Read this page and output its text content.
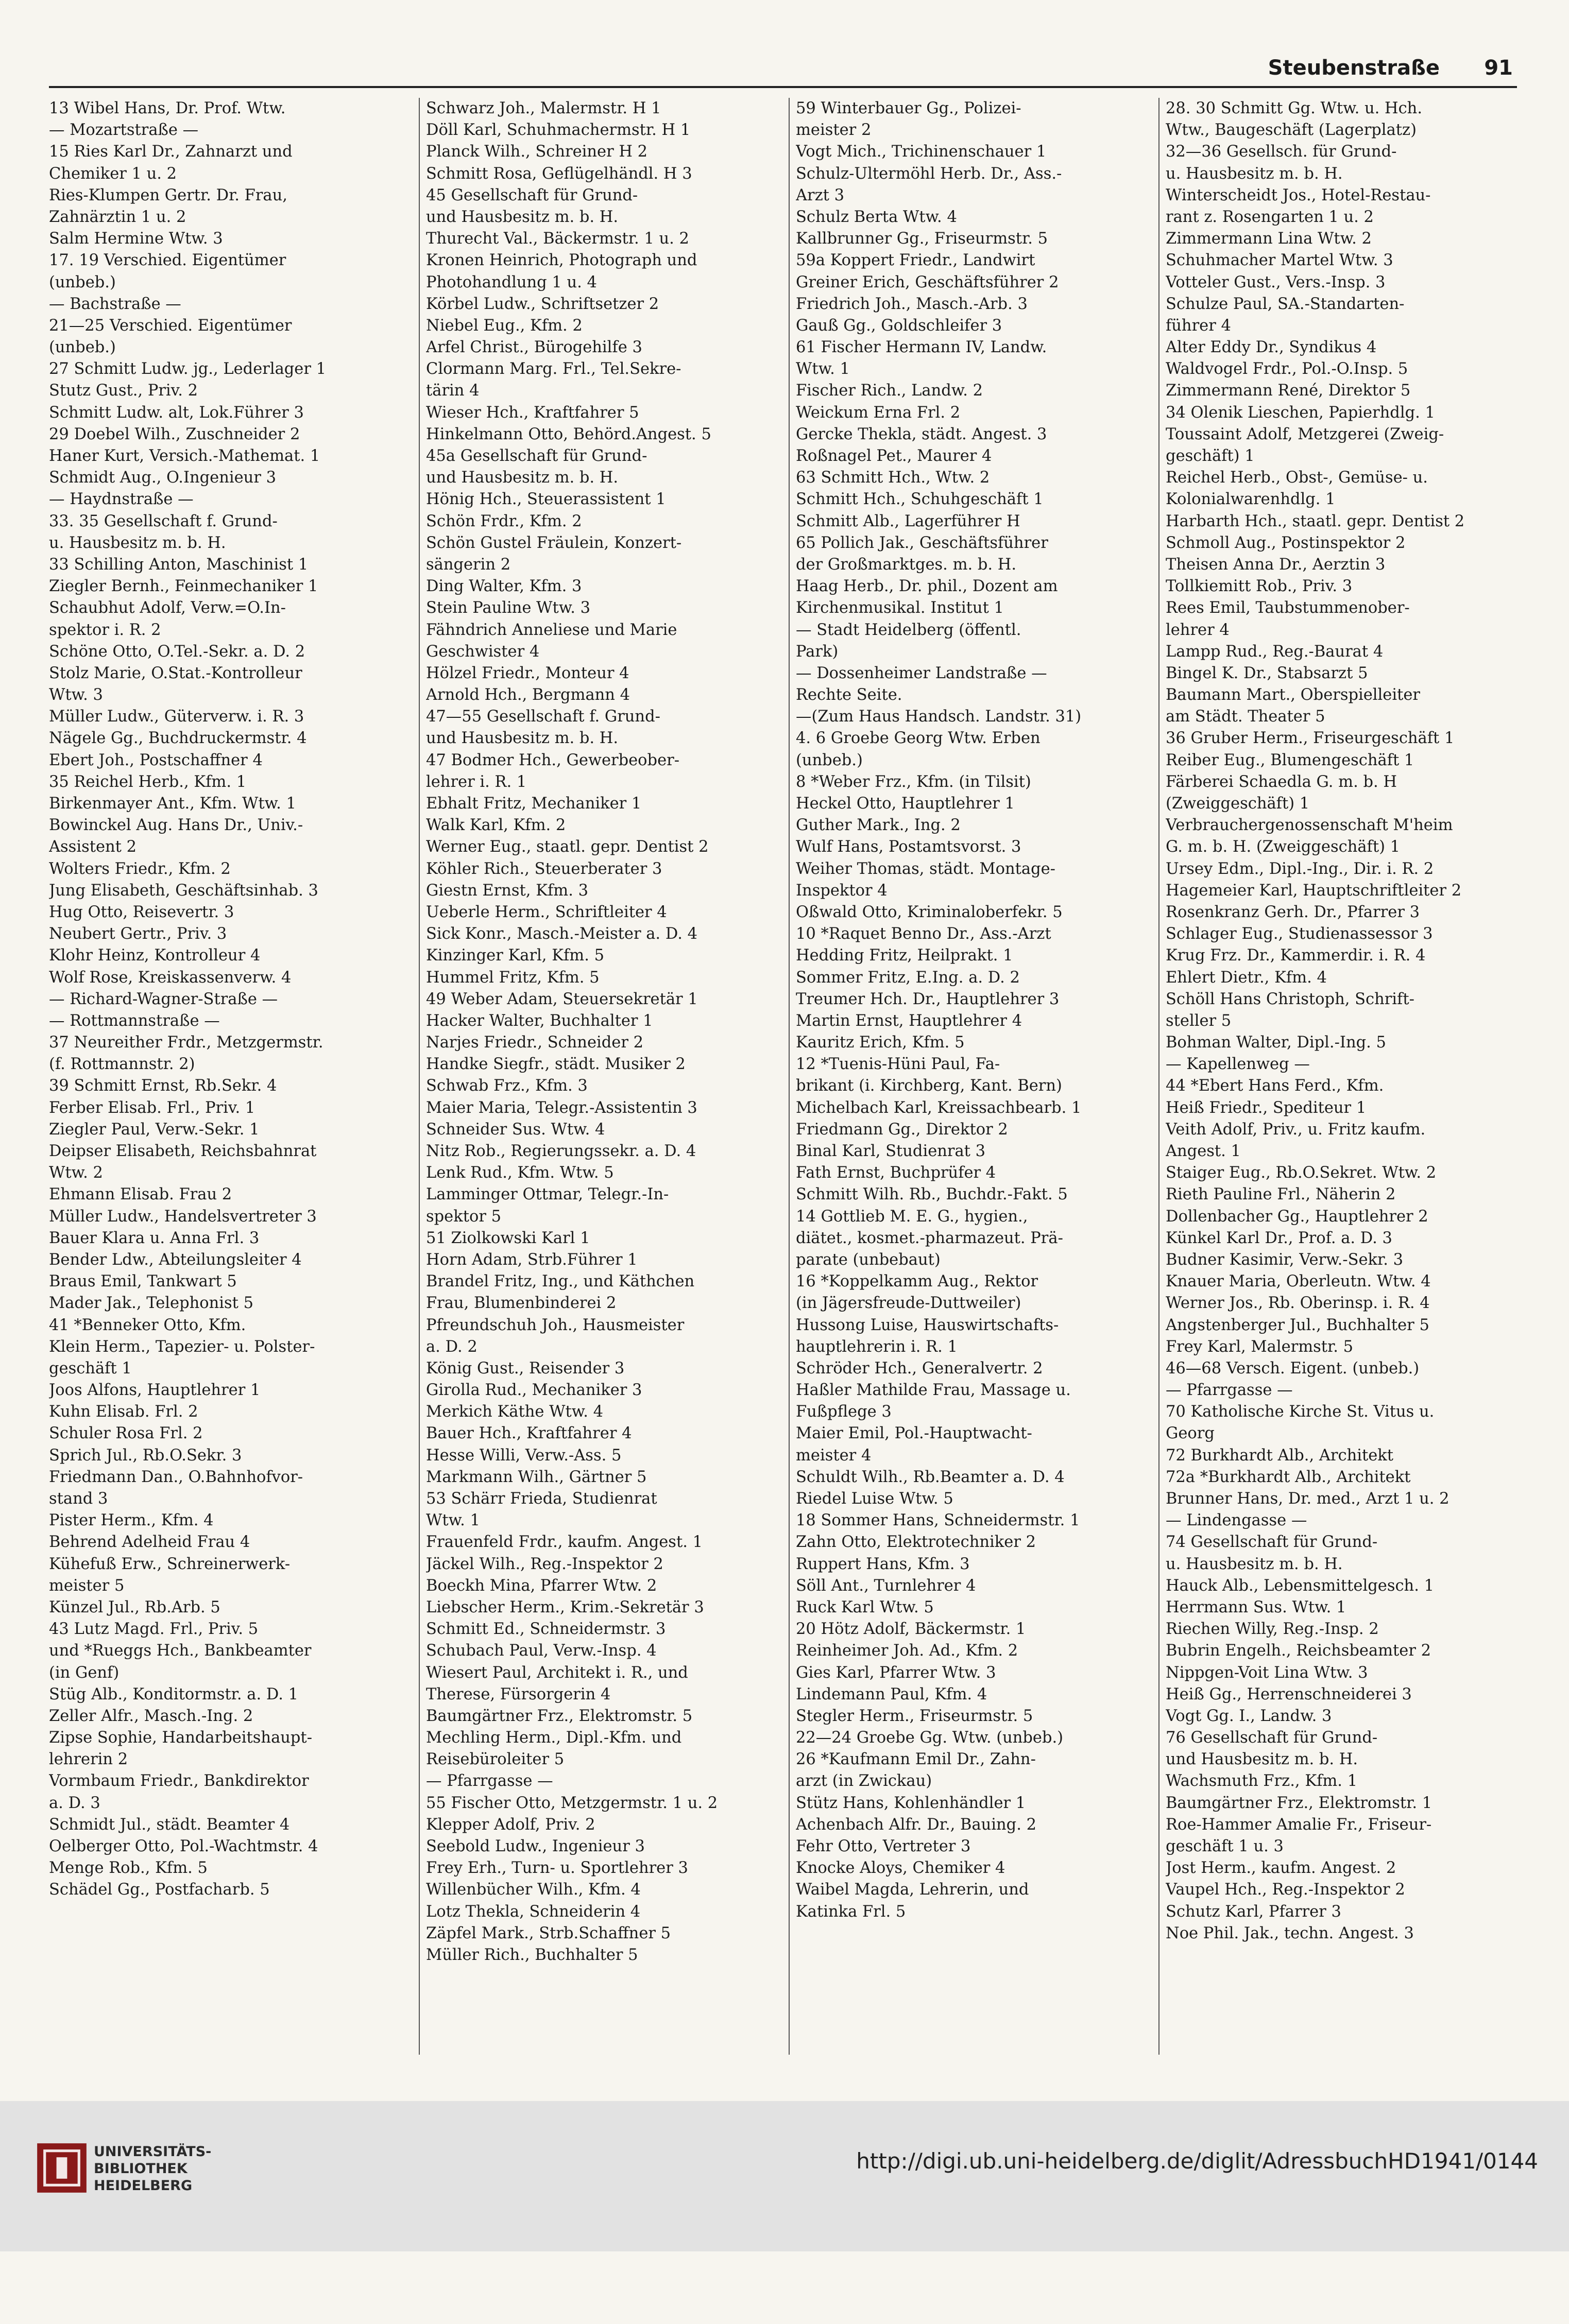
Steubenstraße 91
13 Wibel Hans, Dr. Prof. Wtw.
— Mozartstraße —
15 Ries Karl Dr., Zahnarzt und
Chemiker 1 u. 2
Ries-Klumpen Gertr. Dr. Frau,
Zahnärztin 1 u. 2
Salm Hermine Wtw. 3
17. 19 Verschied. Eigentümer
(unbeb.)
— Bachstraße —
21—25 Verschied. Eigentümer
(unbeb.)
27 Schmitt Ludw. jg., Lederlager 1
Stutz Gust., Priv. 2
Schmitt Ludw. alt, Lok.Führer 3
29 Doebel Wilh., Zuschneider 2
Haner Kurt, Versich.-Mathemat. 1
Schmidt Aug., O.Ingenieur 3
— Haydnstraße —
33. 35 Gesellschaft f. Grund-
u. Hausbesitz m. b. H.
33 Schilling Anton, Maschinist 1
Ziegler Bernh., Feinmechaniker 1
Schaubhut Adolf, Verw.=O.In-
spektor i. R. 2
Schöne Otto, O.Tel.-Sekr. a. D. 2
Stolz Marie, O.Stat.-Kontrolleur
Wtw. 3
Müller Ludw., Güterverw. i. R. 3
Nägele Gg., Buchdruckermstr. 4
Ebert Joh., Postschaffner 4
35 Reichel Herb., Kfm. 1
Birkenmayer Ant., Kfm. Wtw. 1
Bowinckel Aug. Hans Dr., Univ.-
Assistent 2
Wolters Friedr., Kfm. 2
Jung Elisabeth, Geschäftsinhab. 3
Hug Otto, Reisevertr. 3
Neubert Gertr., Priv. 3
Klohr Heinz, Kontrolleur 4
Wolf Rose, Kreiskassenverw. 4
— Richard-Wagner-Straße —
— Rottmannstraße —
37 Neureither Frdr., Metzgermstr.
(f. Rottmannstr. 2)
39 Schmitt Ernst, Rb.Sekr. 4
Ferber Elisab. Frl., Priv. 1
Ziegler Paul, Verw.-Sekr. 1
Deipser Elisabeth, Reichsbahnrat
Wtw. 2
Ehmann Elisab. Frau 2
Müller Ludw., Handelsvertreter 3
Bauer Klara u. Anna Frl. 3
Bender Ldw., Abteilungsleiter 4
Braus Emil, Tankwart 5
Mader Jak., Telephonist 5
41 *Benneker Otto, Kfm.
Klein Herm., Tapezier- u. Polster-
geschäft 1
Joos Alfons, Hauptlehrer 1
Kuhn Elisab. Frl. 2
Schuler Rosa Frl. 2
Sprich Jul., Rb.O.Sekr. 3
Friedmann Dan., O.Bahnhofvor-
stand 3
Pister Herm., Kfm. 4
Behrend Adelheid Frau 4
Kühefuß Erw., Schreinerwerk-
meister 5
Künzel Jul., Rb.Arb. 5
43 Lutz Magd. Frl., Priv. 5
und *Rueggs Hch., Bankbeamter
(in Genf)
Stüg Alb., Konditormstr. a. D. 1
Zeller Alfr., Masch.-Ing. 2
Zipse Sophie, Handarbeitshaupt-
lehrerin 2
Vormbaum Friedr., Bankdirektor
a. D. 3
Schmidt Jul., städt. Beamter 4
Oelberger Otto, Pol.-Wachtmstr. 4
Menge Rob., Kfm. 5
Schädel Gg., Postfacharb. 5
Schwarz Joh., Malermstr. H 1
Döll Karl, Schuhmachermstr. H 1
Planck Wilh., Schreiner H 2
Schmitt Rosa, Geflügelhändl. H 3
45 Gesellschaft für Grund-
und Hausbesitz m. b. H.
Thurecht Val., Bäckermstr. 1 u. 2
Kronen Heinrich, Photograph und
Photohandlung 1 u. 4
Körbel Ludw., Schriftsetzer 2
Niebel Eug., Kfm. 2
Arfel Christ., Bürogehilfe 3
Clormann Marg. Frl., Tel.Sekre-
tärin 4
Wieser Hch., Kraftfahrer 5
Hinkelmann Otto, Behörd.Angest. 5
45a Gesellschaft für Grund-
und Hausbesitz m. b. H.
Hönig Hch., Steuerassistent 1
Schön Frdr., Kfm. 2
Schön Gustel Fräulein, Konzert-
sängerin 2
Ding Walter, Kfm. 3
Stein Pauline Wtw. 3
Fähndrich Anneliese und Marie
Geschwister 4
Hölzel Friedr., Monteur 4
Arnold Hch., Bergmann 4
47—55 Gesellschaft f. Grund-
und Hausbesitz m. b. H.
47 Bodmer Hch., Gewerbeober-
lehrer i. R. 1
Ebhalt Fritz, Mechaniker 1
Walk Karl, Kfm. 2
Werner Eug., staatl. gepr. Dentist 2
Köhler Rich., Steuerberater 3
Giestn Ernst, Kfm. 3
Ueberle Herm., Schriftleiter 4
Sick Konr., Masch.-Meister a. D. 4
Kinzinger Karl, Kfm. 5
Hummel Fritz, Kfm. 5
49 Weber Adam, Steuersekretär 1
Hacker Walter, Buchhalter 1
Narjes Friedr., Schneider 2
Handke Siegfr., städt. Musiker 2
Schwab Frz., Kfm. 3
Maier Maria, Telegr.-Assistentin 3
Schneider Sus. Wtw. 4
Nitz Rob., Regierungssekr. a. D. 4
Lenk Rud., Kfm. Wtw. 5
Lamminger Ottmar, Telegr.-In-
spektor 5
51 Ziolkowski Karl 1
Horn Adam, Strb.Führer 1
Brandel Fritz, Ing., und Käthchen
Frau, Blumenbinderei 2
Pfreundschuh Joh., Hausmeister
a. D. 2
König Gust., Reisender 3
Girolla Rud., Mechaniker 3
Merkich Käthe Wtw. 4
Bauer Hch., Kraftfahrer 4
Hesse Willi, Verw.-Ass. 5
Markmann Wilh., Gärtner 5
53 Schärr Frieda, Studienrat
Wtw. 1
Frauenfeld Frdr., kaufm. Angest. 1
Jäckel Wilh., Reg.-Inspektor 2
Boeckh Mina, Pfarrer Wtw. 2
Liebscher Herm., Krim.-Sekretär 3
Schmitt Ed., Schneidermstr. 3
Schubach Paul, Verw.-Insp. 4
Wiesert Paul, Architekt i. R., und
Therese, Fürsorgerin 4
Baumgärtner Frz., Elektromstr. 5
Mechling Herm., Dipl.-Kfm. und
Reisebüroleiter 5
— Pfarrgasse —
55 Fischer Otto, Metzgermstr. 1 u. 2
Klepper Adolf, Priv. 2
Seebold Ludw., Ingenieur 3
Frey Erh., Turn- u. Sportlehrer 3
Willenbücher Wilh., Kfm. 4
Lotz Thekla, Schneiderin 4
Zäpfel Mark., Strb.Schaffner 5
Müller Rich., Buchhalter 5
59 Winterbauer Gg., Polizei-
meister 2
Vogt Mich., Trichinenschauer 1
Schulz-Ultermöhl Herb. Dr., Ass.-
Arzt 3
Schulz Berta Wtw. 4
Kallbrunner Gg., Friseurmstr. 5
59a Koppert Friedr., Landwirt
Greiner Erich, Geschäftsführer 2
Friedrich Joh., Masch.-Arb. 3
Gauß Gg., Goldschleifer 3
61 Fischer Hermann IV, Landw.
Wtw. 1
Fischer Rich., Landw. 2
Weickum Erna Frl. 2
Gercke Thekla, städt. Angest. 3
Roßnagel Pet., Maurer 4
63 Schmitt Hch., Wtw. 2
Schmitt Hch., Schuhgeschäft 1
Schmitt Alb., Lagerführer H
65 Pollich Jak., Geschäftsführer
der Großmarktges. m. b. H.
Haag Herb., Dr. phil., Dozent am
Kirchenmusikal. Institut 1
— Stadt Heidelberg (öffentl.
Park)
— Dossenheimer Landstraße —
Rechte Seite.
—(Zum Haus Handsch. Landstr. 31)
4. 6 Groebe Georg Wtw. Erben
(unbeb.)
8 *Weber Frz., Kfm. (in Tilsit)
Heckel Otto, Hauptlehrer 1
Guther Mark., Ing. 2
Wulf Hans, Postamtsvorst. 3
Weiher Thomas, städt. Montage-
Inspektor 4
Oßwald Otto, Kriminaloberfekr. 5
10 *Raquet Benno Dr., Ass.-Arzt
Hedding Fritz, Heilprakt. 1
Sommer Fritz, E.Ing. a. D. 2
Treumer Hch. Dr., Hauptlehrer 3
Martin Ernst, Hauptlehrer 4
Kauritz Erich, Kfm. 5
12 *Tuenis-Hüni Paul, Fa-
brikant (i. Kirchberg, Kant. Bern)
Michelbach Karl, Kreissachbearb. 1
Friedmann Gg., Direktor 2
Binal Karl, Studienrat 3
Fath Ernst, Buchprüfer 4
Schmitt Wilh. Rb., Buchdr.-Fakt. 5
14 Gottlieb M. E. G., hygien.,
diätet., kosmet.-pharmazeut. Prä-
parate (unbebaut)
16 *Koppelkamm Aug., Rektor
(in Jägersfreude-Duttweiler)
Hussong Luise, Hauswirtschafts-
hauptlehrerin i. R. 1
Schröder Hch., Generalvertr. 2
Haßler Mathilde Frau, Massage u.
Fußpflege 3
Maier Emil, Pol.-Hauptwacht-
meister 4
Schuldt Wilh., Rb.Beamter a. D. 4
Riedel Luise Wtw. 5
18 Sommer Hans, Schneidermstr. 1
Zahn Otto, Elektrotechniker 2
Ruppert Hans, Kfm. 3
Söll Ant., Turnlehrer 4
Ruck Karl Wtw. 5
20 Hötz Adolf, Bäckermstr. 1
Reinheimer Joh. Ad., Kfm. 2
Gies Karl, Pfarrer Wtw. 3
Lindemann Paul, Kfm. 4
Stegler Herm., Friseurmstr. 5
22—24 Groebe Gg. Wtw. (unbeb.)
26 *Kaufmann Emil Dr., Zahn-
arzt (in Zwickau)
Stütz Hans, Kohlenhändler 1
Achenbach Alfr. Dr., Bauing. 2
Fehr Otto, Vertreter 3
Knocke Aloys, Chemiker 4
Waibel Magda, Lehrerin, und
Katinka Frl. 5
28. 30 Schmitt Gg. Wtw. u. Hch.
Wtw., Baugeschäft (Lagerplatz)
32—36 Gesellsch. für Grund-
u. Hausbesitz m. b. H.
Winterscheidt Jos., Hotel-Restau-
rant z. Rosengarten 1 u. 2
Zimmermann Lina Wtw. 2
Schuhmacher Martel Wtw. 3
Votteler Gust., Vers.-Insp. 3
Schulze Paul, SA.-Standarten-
führer 4
Alter Eddy Dr., Syndikus 4
Waldvogel Frdr., Pol.-O.Insp. 5
Zimmermann René, Direktor 5
34 Olenik Lieschen, Papierhdlg. 1
Toussaint Adolf, Metzgerei (Zweig-
geschäft) 1
Reichel Herb., Obst-, Gemüse- u.
Kolonialwarenhdlg. 1
Harbarth Hch., staatl. gepr. Dentist 2
Schmoll Aug., Postinspektor 2
Theisen Anna Dr., Aerztin 3
Tollkiemitt Rob., Priv. 3
Rees Emil, Taubstummenober-
lehrer 4
Lampp Rud., Reg.-Baurat 4
Bingel K. Dr., Stabsarzt 5
Baumann Mart., Oberspielleiter
am Städt. Theater 5
36 Gruber Herm., Friseurgeschäft 1
Reiber Eug., Blumengeschäft 1
Färberei Schaedla G. m. b. H
(Zweiggeschäft) 1
Verbrauchergenossenschaft M'heim
G. m. b. H. (Zweiggeschäft) 1
Ursey Edm., Dipl.-Ing., Dir. i. R. 2
Hagemeier Karl, Hauptschriftleiter 2
Rosenkranz Gerh. Dr., Pfarrer 3
Schlager Eug., Studienassessor 3
Krug Frz. Dr., Kammerdir. i. R. 4
Ehlert Dietr., Kfm. 4
Schöll Hans Christoph, Schrift-
steller 5
Bohman Walter, Dipl.-Ing. 5
— Kapellenweg —
44 *Ebert Hans Ferd., Kfm.
Heiß Friedr., Spediteur 1
Veith Adolf, Priv., u. Fritz kaufm.
Angest. 1
Staiger Eug., Rb.O.Sekret. Wtw. 2
Rieth Pauline Frl., Näherin 2
Dollenbacher Gg., Hauptlehrer 2
Künkel Karl Dr., Prof. a. D. 3
Budner Kasimir, Verw.-Sekr. 3
Knauer Maria, Oberleutn. Wtw. 4
Werner Jos., Rb. Oberinsp. i. R. 4
Angstenberger Jul., Buchhalter 5
Frey Karl, Malermstr. 5
46—68 Versch. Eigent. (unbeb.)
— Pfarrgasse —
70 Katholische Kirche St. Vitus u.
Georg
72 Burkhardt Alb., Architekt
72a *Burkhardt Alb., Architekt
Brunner Hans, Dr. med., Arzt 1 u. 2
— Lindengasse —
74 Gesellschaft für Grund-
u. Hausbesitz m. b. H.
Hauck Alb., Lebensmittelgesch. 1
Herrmann Sus. Wtw. 1
Riechen Willy, Reg.-Insp. 2
Bubrin Engelh., Reichsbeamter 2
Nippgen-Voit Lina Wtw. 3
Heiß Gg., Herrenschneiderei 3
Vogt Gg. I., Landw. 3
76 Gesellschaft für Grund-
und Hausbesitz m. b. H.
Wachsmuth Frz., Kfm. 1
Baumgärtner Frz., Elektromstr. 1
Roe-Hammer Amalie Fr., Friseur-
geschäft 1 u. 3
Jost Herm., kaufm. Angest. 2
Vaupel Hch., Reg.-Inspektor 2
Schutz Karl, Pfarrer 3
Noe Phil. Jak., techn. Angest. 3
UNIVERSITÄTS-
BIBLIOTHEK
HEIDELBERG
http://digi.ub.uni-heidelberg.de/diglit/AdressbuchHD1941/0144
